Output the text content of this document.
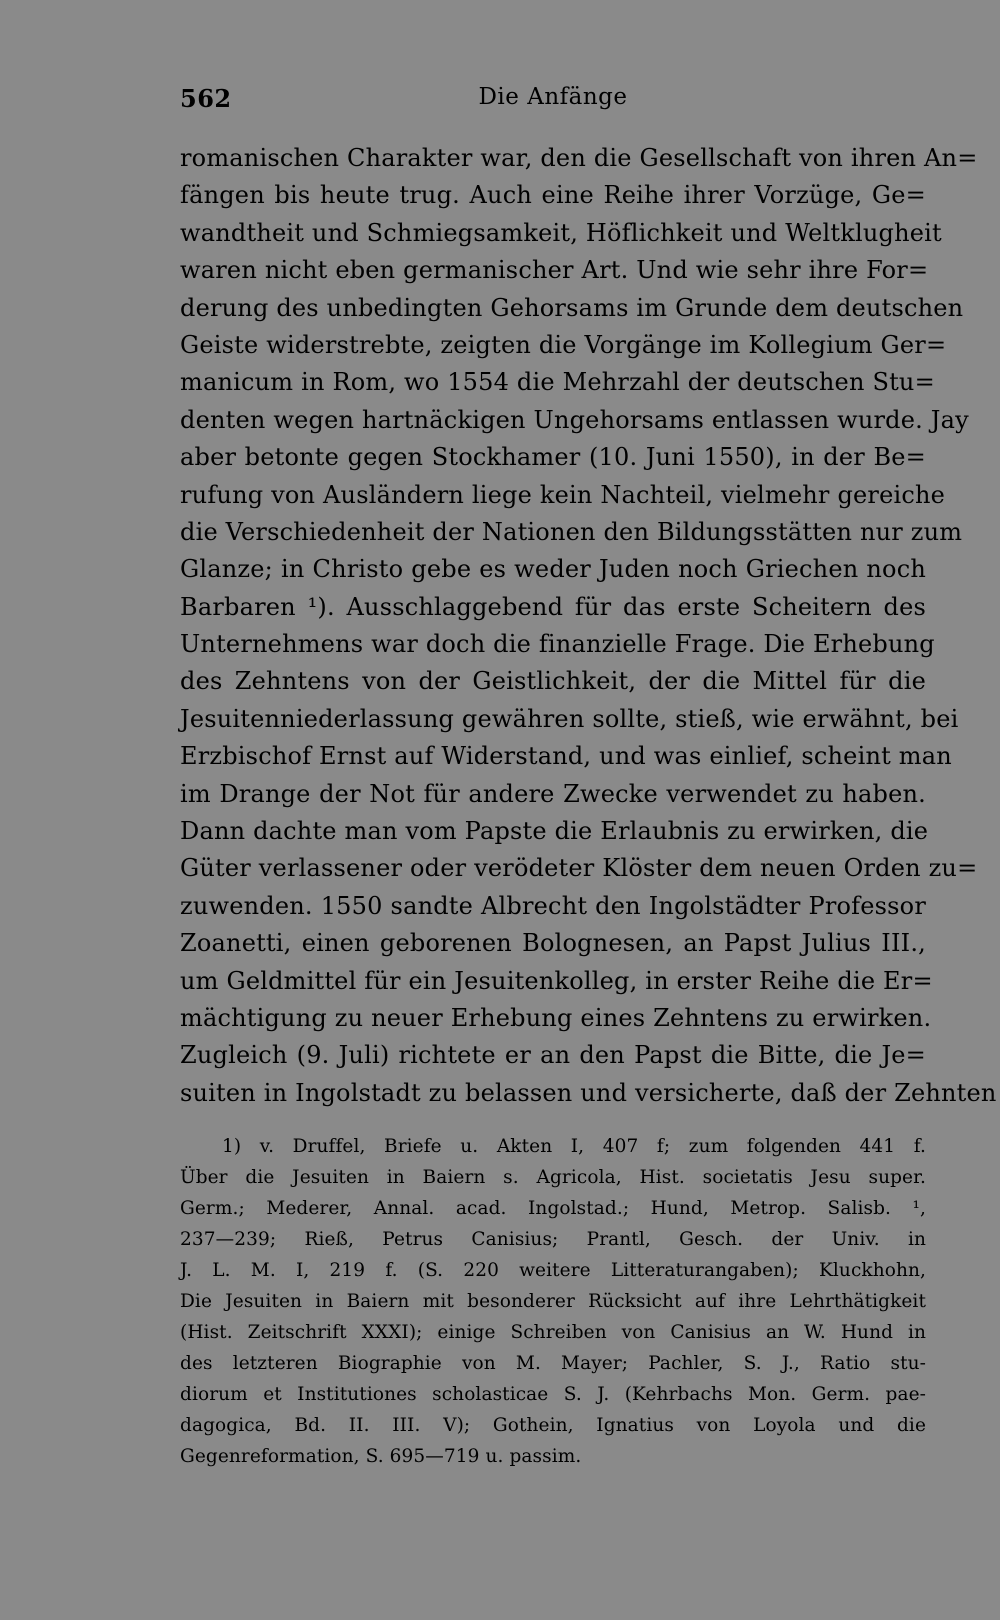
562	Die Anfänge
romanischen Charakter war, den die Gesellschaft von ihren An=
fängen bis heute trug. Auch eine Reihe ihrer Vorzüge, Ge=
wandtheit und Schmiegsamkeit, Höflichkeit und Weltklugheit
waren nicht eben germanischer Art. Und wie sehr ihre For=
derung des unbedingten Gehorsams im Grunde dem deutschen
Geiste widerstrebte, zeigten die Vorgänge im Kollegium Ger=
manicum in Rom, wo 1554 die Mehrzahl der deutschen Stu=
denten wegen hartnäckigen Ungehorsams entlassen wurde. Jay
aber betonte gegen Stockhamer (10. Juni 1550), in der Be=
rufung von Ausländern liege kein Nachteil, vielmehr gereiche
die Verschiedenheit der Nationen den Bildungsstätten nur zum
Glanze; in Christo gebe es weder Juden noch Griechen noch
Barbaren ¹). Ausschlaggebend für das erste Scheitern des
Unternehmens war doch die finanzielle Frage. Die Erhebung
des Zehntens von der Geistlichkeit, der die Mittel für die
Jesuitenniederlassung gewähren sollte, stieß, wie erwähnt, bei
Erzbischof Ernst auf Widerstand, und was einlief, scheint man
im Drange der Not für andere Zwecke verwendet zu haben.
Dann dachte man vom Papste die Erlaubnis zu erwirken, die
Güter verlassener oder verödeter Klöster dem neuen Orden zu=
zuwenden. 1550 sandte Albrecht den Ingolstädter Professor
Zoanetti, einen geborenen Bolognesen, an Papst Julius III.,
um Geldmittel für ein Jesuitenkolleg, in erster Reihe die Er=
mächtigung zu neuer Erhebung eines Zehntens zu erwirken.
Zugleich (9. Juli) richtete er an den Papst die Bitte, die Je=
suiten in Ingolstadt zu belassen und versicherte, daß der Zehnten
1) v. Druffel, Briefe u. Akten I, 407 f; zum folgenden 441 f.
Über die Jesuiten in Baiern s. Agricola, Hist. societatis Jesu super.
Germ.; Mederer, Annal. acad. Ingolstad.; Hund, Metrop. Salisb. ¹,
237—239; Rieß, Petrus Canisius; Prantl, Gesch. der Univ. in
J. L. M. I, 219 f. (S. 220 weitere Litteraturangaben); Kluckhohn,
Die Jesuiten in Baiern mit besonderer Rücksicht auf ihre Lehrthätigkeit
(Hist. Zeitschrift XXXI); einige Schreiben von Canisius an W. Hund in
des letzteren Biographie von M. Mayer; Pachler, S. J., Ratio stu-
diorum et Institutiones scholasticae S. J. (Kehrbachs Mon. Germ. pae-
dagogica, Bd. II. III. V); Gothein, Ignatius von Loyola und die
Gegenreformation, S. 695—719 u. passim.
